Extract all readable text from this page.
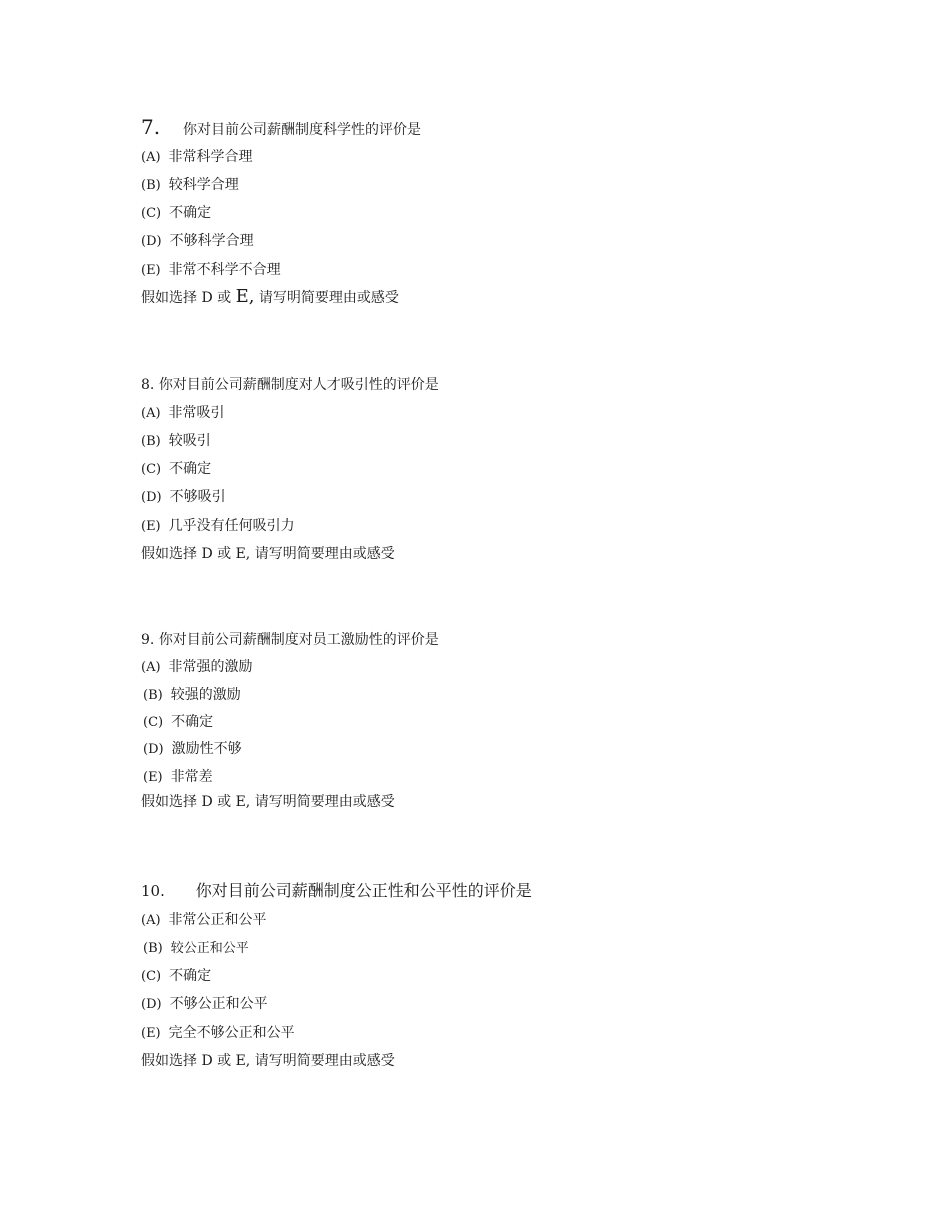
7. 你对目前公司薪酬制度科学性的评价是
(A) 非常科学合理
(B) 较科学合理
(C) 不确定
(D) 不够科学合理
(E) 非常不科学不合理
假如选择 D 或 E, 请写明简要理由或感受
8. 你对目前公司薪酬制度对人才吸引性的评价是
(A) 非常吸引
(B) 较吸引
(C) 不确定
(D) 不够吸引
(E) 几乎没有任何吸引力
假如选择 D 或 E, 请写明简要理由或感受
9. 你对目前公司薪酬制度对员工激励性的评价是
(A) 非常强的激励
(B) 较强的激励
(C) 不确定
(D) 激励性不够
(E) 非常差
假如选择 D 或 E, 请写明简要理由或感受
10. 你对目前公司薪酬制度公正性和公平性的评价是
(A) 非常公正和公平
(B) 较公正和公平
(C) 不确定
(D) 不够公正和公平
(E) 完全不够公正和公平
假如选择 D 或 E, 请写明简要理由或感受
